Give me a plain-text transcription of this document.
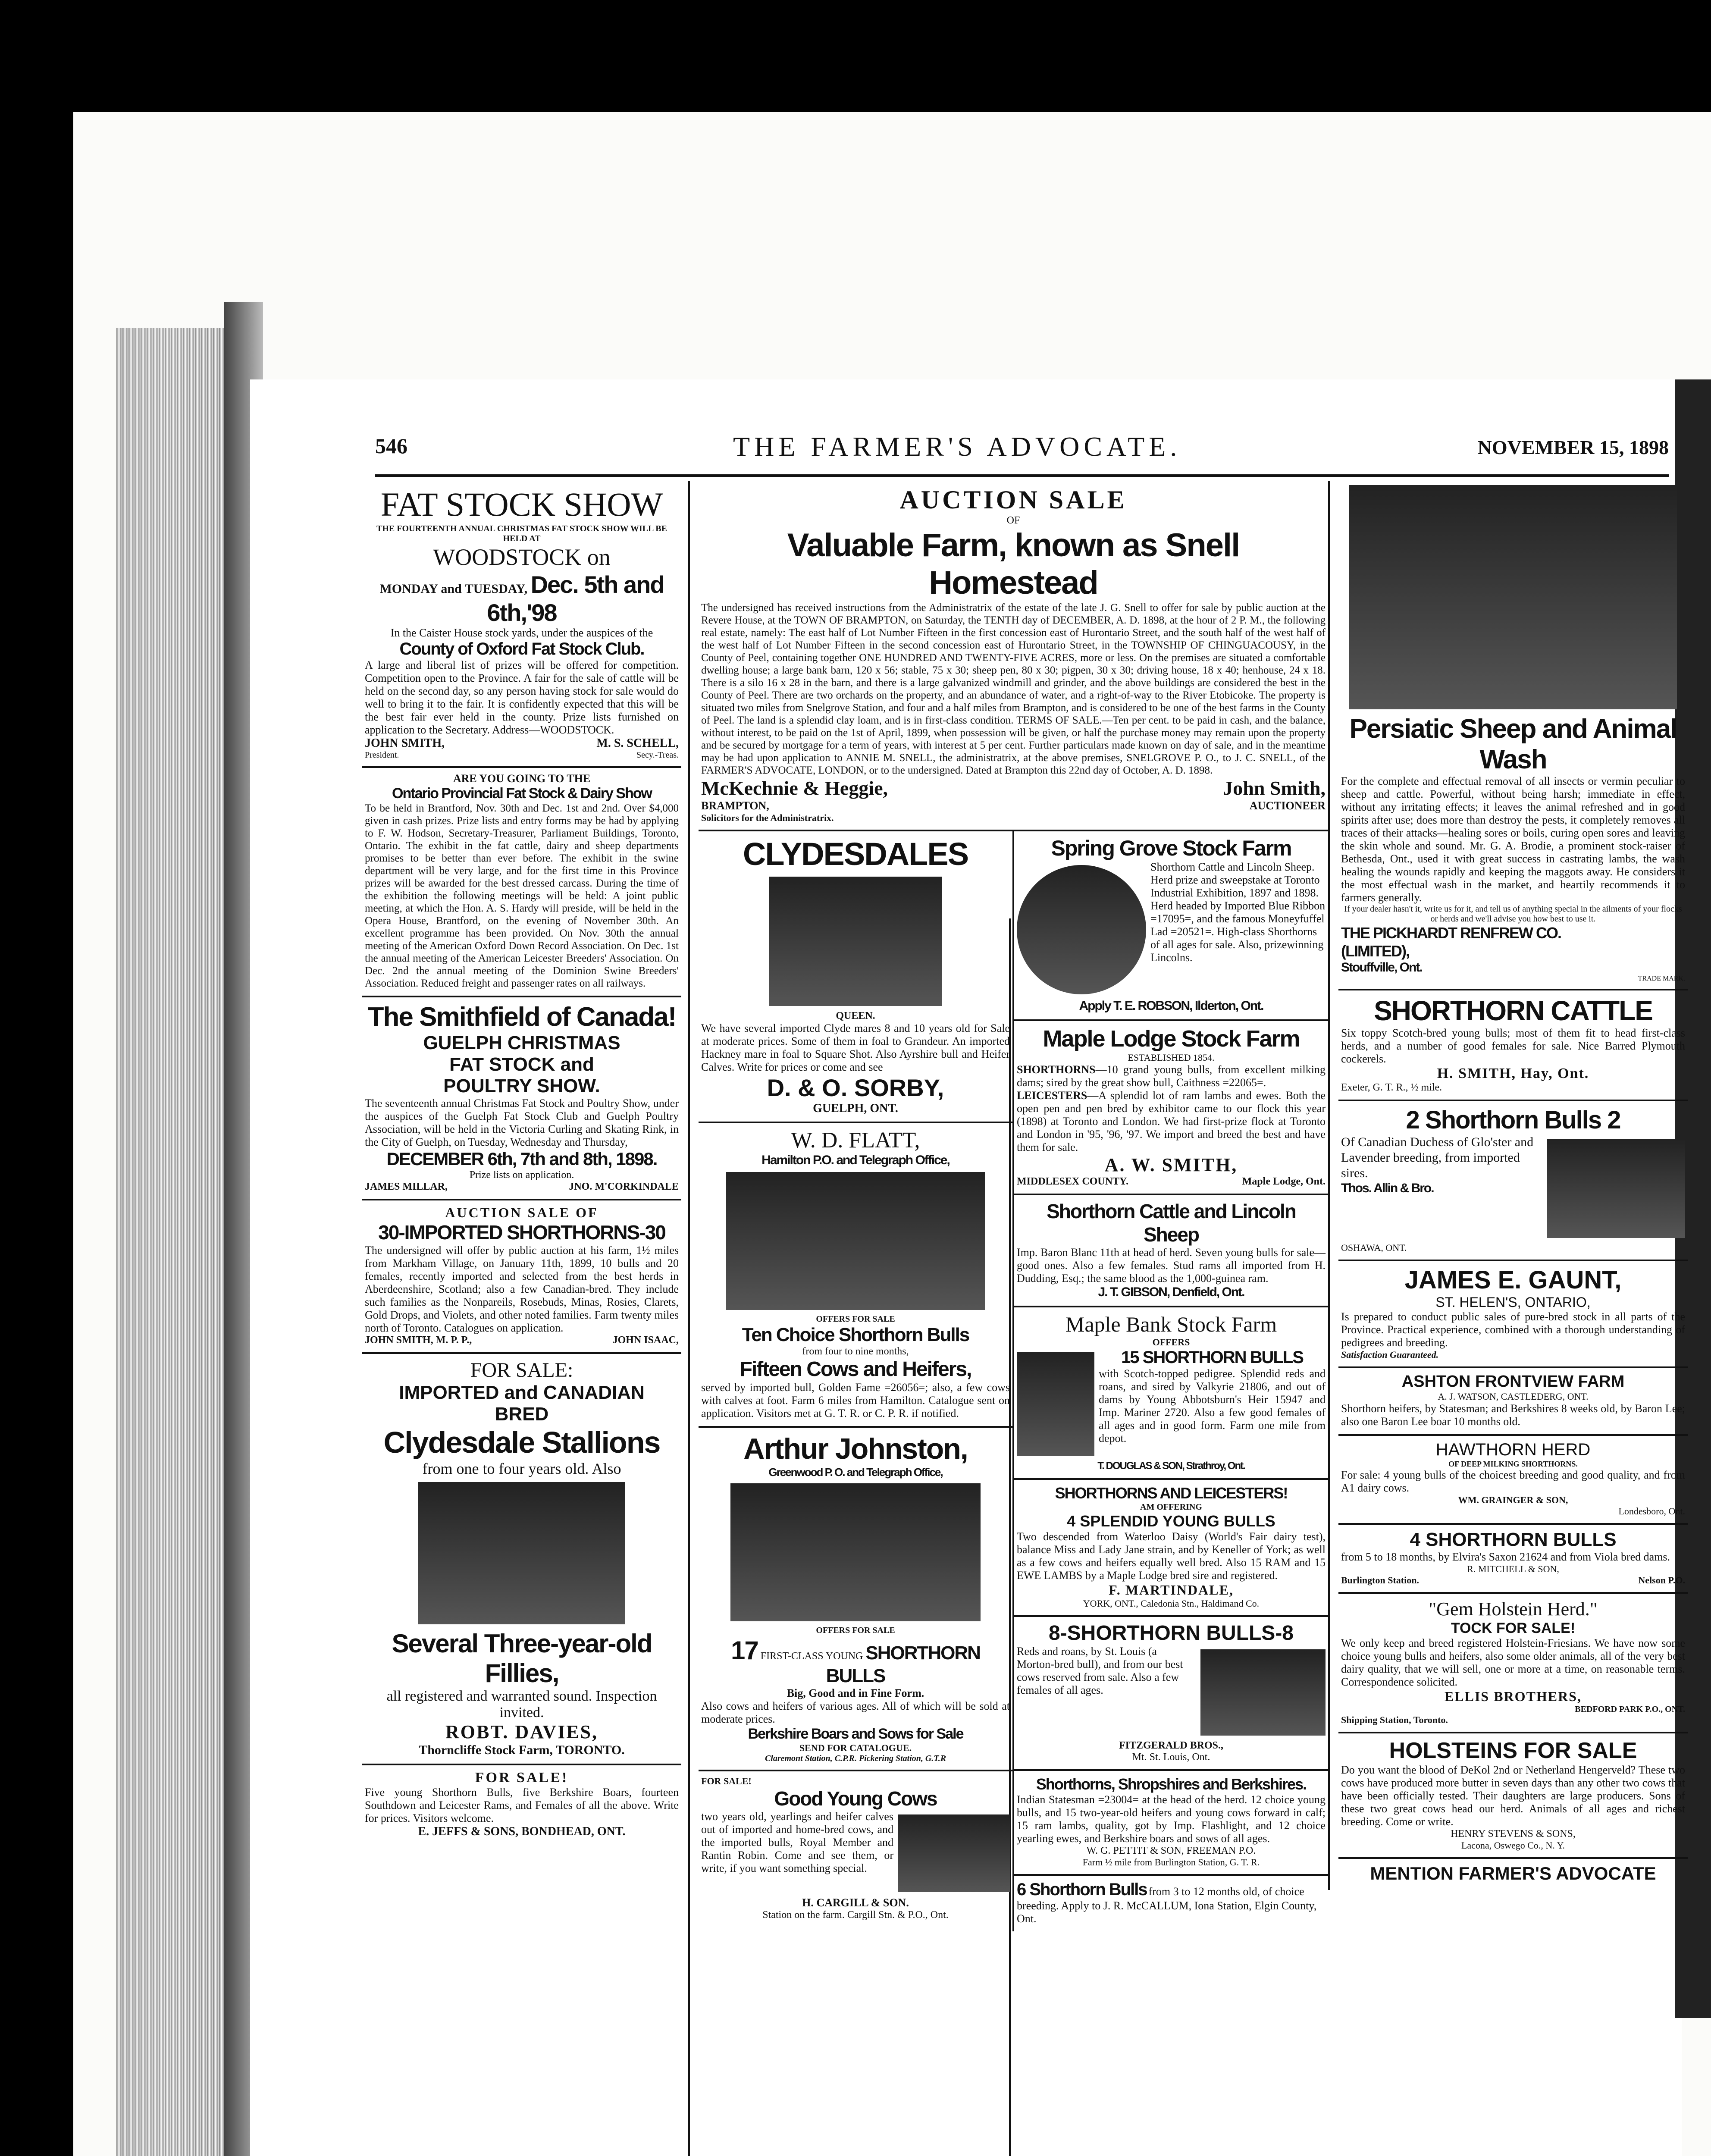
546	THE FARMER'S ADVOCATE.	NOVEMBER 15, 1898
FAT STOCK SHOW
THE FOURTEENTH ANNUAL CHRISTMAS FAT STOCK SHOW WILL BE HELD AT
WOODSTOCK on
MONDAY and TUESDAY, Dec. 5th and 6th,'98
In the Caister House stock yards, under the auspices of the
County of Oxford Fat Stock Club.
A large and liberal list of prizes will be offered for competition. Competition open to the Province. A fair for the sale of cattle will be held on the second day, so any person having stock for sale would do well to bring it to the fair. It is confidently expected that this will be the best fair ever held in the county. Prize lists furnished on application to the Secretary. Address—WOODSTOCK.
JOHN SMITH,	M. S. SCHELL,
President.	Secy.-Treas.
ARE YOU GOING TO THE
Ontario Provincial Fat Stock & Dairy Show
To be held in Brantford, Nov. 30th and Dec. 1st and 2nd. Over $4,000 given in cash prizes. Prize lists and entry forms may be had by applying to F. W. Hodson, Secretary-Treasurer, Parliament Buildings, Toronto, Ontario. The exhibit in the fat cattle, dairy and sheep departments promises to be better than ever before. The exhibit in the swine department will be very large, and for the first time in this Province prizes will be awarded for the best dressed carcass. During the time of the exhibition the following meetings will be held: A joint public meeting, at which the Hon. A. S. Hardy will preside, will be held in the Opera House, Brantford, on the evening of November 30th. An excellent programme has been provided. On Nov. 30th the annual meeting of the American Oxford Down Record Association. On Dec. 1st the annual meeting of the American Leicester Breeders' Association. On Dec. 2nd the annual meeting of the Dominion Swine Breeders' Association. Reduced freight and passenger rates on all railways.
The Smithfield of Canada!
GUELPH CHRISTMAS
FAT STOCK and
POULTRY SHOW.
The seventeenth annual Christmas Fat Stock and Poultry Show, under the auspices of the Guelph Fat Stock Club and Guelph Poultry Association, will be held in the Victoria Curling and Skating Rink, in the City of Guelph, on Tuesday, Wednesday and Thursday,
DECEMBER 6th, 7th and 8th, 1898.
Prize lists on application.
JAMES MILLAR,	JNO. M'CORKINDALE
AUCTION SALE OF
30-IMPORTED SHORTHORNS-30
The undersigned will offer by public auction at his farm, 1½ miles from Markham Village, on January 11th, 1899, 10 bulls and 20 females, recently imported and selected from the best herds in Aberdeenshire, Scotland; also a few Canadian-bred. They include such families as the Nonpareils, Rosebuds, Minas, Rosies, Clarets, Gold Drops, and Violets, and other noted families. Farm twenty miles north of Toronto. Catalogues on application.
JOHN SMITH, M. P. P.,	JOHN ISAAC,
FOR SALE:
IMPORTED and CANADIAN
BRED
Clydesdale Stallions
from one to four years old. Also
Several Three-year-old Fillies,
all registered and warranted sound. Inspection invited.
ROBT. DAVIES,
Thorncliffe Stock Farm, TORONTO.
FOR SALE!
Five young Shorthorn Bulls, five Berkshire Boars, fourteen Southdown and Leicester Rams, and Females of all the above. Write for prices. Visitors welcome.
E. JEFFS & SONS, BONDHEAD, ONT.
AUCTION SALE
OF
Valuable Farm, known as Snell Homestead
The undersigned has received instructions from the Administratrix of the estate of the late J. G. Snell to offer for sale by public auction at the Revere House, at the TOWN OF BRAMPTON, on Saturday, the TENTH day of DECEMBER, A. D. 1898, at the hour of 2 P. M., the following real estate, namely: The east half of Lot Number Fifteen in the first concession east of Hurontario Street, and the south half of the west half of the west half of Lot Number Fifteen in the second concession east of Hurontario Street, in the TOWNSHIP OF CHINGUACOUSY, in the County of Peel, containing together ONE HUNDRED AND TWENTY-FIVE ACRES, more or less. On the premises are situated a comfortable dwelling house; a large bank barn, 120 x 56; stable, 75 x 30; sheep pen, 80 x 30; pigpen, 30 x 30; driving house, 18 x 40; henhouse, 24 x 18. There is a silo 16 x 28 in the barn, and there is a large galvanized windmill and grinder, and the above buildings are considered the best in the County of Peel. There are two orchards on the property, and an abundance of water, and a right-of-way to the River Etobicoke. The property is situated two miles from Snelgrove Station, and four and a half miles from Brampton, and is considered to be one of the best farms in the County of Peel. The land is a splendid clay loam, and is in first-class condition. TERMS OF SALE.—Ten per cent. to be paid in cash, and the balance, without interest, to be paid on the 1st of April, 1899, when possession will be given, or half the purchase money may remain upon the property and be secured by mortgage for a term of years, with interest at 5 per cent. Further particulars made known on day of sale, and in the meantime may be had upon application to ANNIE M. SNELL, the administratrix, at the above premises, SNELGROVE P. O., to J. C. SNELL, of the FARMER'S ADVOCATE, LONDON, or to the undersigned. Dated at Brampton this 22nd day of October, A. D. 1898.
McKechnie & Heggie,	John Smith,
BRAMPTON,	AUCTIONEER
Solicitors for the Administratrix.
CLYDESDALES
QUEEN.
We have several imported Clyde mares 8 and 10 years old for Sale at moderate prices. Some of them in foal to Grandeur. An imported Hackney mare in foal to Square Shot. Also Ayrshire bull and Heifer Calves. Write for prices or come and see
D. & O. SORBY,
GUELPH, ONT.
W. D. FLATT,
Hamilton P.O. and Telegraph Office,
OFFERS FOR SALE
Ten Choice Shorthorn Bulls
from four to nine months,
Fifteen Cows and Heifers,
served by imported bull, Golden Fame =26056=; also, a few cows with calves at foot. Farm 6 miles from Hamilton. Catalogue sent on application. Visitors met at G. T. R. or C. P. R. if notified.
Arthur Johnston,
Greenwood P. O. and Telegraph Office,
OFFERS FOR SALE
17 FIRST-CLASS YOUNG SHORTHORN BULLS
Big, Good and in Fine Form.
Also cows and heifers of various ages. All of which will be sold at moderate prices.
Berkshire Boars and Sows for Sale
SEND FOR CATALOGUE.
Claremont Station, C.P.R. Pickering Station, G.T.R
FOR SALE!
Good Young Cows
two years old, yearlings and heifer calves out of imported and home-bred cows, and the imported bulls, Royal Member and Rantin Robin. Come and see them, or write, if you want something special.
H. CARGILL & SON.
Station on the farm. Cargill Stn. & P.O., Ont.
Spring Grove Stock Farm
Shorthorn Cattle and Lincoln Sheep. Herd prize and sweepstake at Toronto Industrial Exhibition, 1897 and 1898. Herd headed by Imported Blue Ribbon =17095=, and the famous Moneyfuffel Lad =20521=. High-class Shorthorns of all ages for sale. Also, prizewinning Lincolns.
Apply T. E. ROBSON, Ilderton, Ont.
Maple Lodge Stock Farm
ESTABLISHED 1854.
SHORTHORNS—10 grand young bulls, from excellent milking dams; sired by the great show bull, Caithness =22065=.
LEICESTERS—A splendid lot of ram lambs and ewes. Both the open pen and pen bred by exhibitor came to our flock this year (1898) at Toronto and London. We had first-prize flock at Toronto and London in '95, '96, '97. We import and breed the best and have them for sale.
A. W. SMITH,
MIDDLESEX COUNTY.	Maple Lodge, Ont.
Shorthorn Cattle and Lincoln Sheep
Imp. Baron Blanc 11th at head of herd. Seven young bulls for sale—good ones. Also a few females. Stud rams all imported from H. Dudding, Esq.; the same blood as the 1,000-guinea ram.
J. T. GIBSON, Denfield, Ont.
Maple Bank Stock Farm
OFFERS
15 SHORTHORN BULLS
with Scotch-topped pedigree. Splendid reds and roans, and sired by Valkyrie 21806, and out of dams by Young Abbotsburn's Heir 15947 and Imp. Mariner 2720. Also a few good females of all ages and in good form. Farm one mile from depot.
T. DOUGLAS & SON, Strathroy, Ont.
SHORTHORNS AND LEICESTERS!
AM OFFERING
4 SPLENDID YOUNG BULLS
Two descended from Waterloo Daisy (World's Fair dairy test), balance Miss and Lady Jane strain, and by Keneller of York; as well as a few cows and heifers equally well bred. Also 15 RAM and 15 EWE LAMBS by a Maple Lodge bred sire and registered.
F. MARTINDALE,
YORK, ONT., Caledonia Stn., Haldimand Co.
8-SHORTHORN BULLS-8
Reds and roans, by St. Louis (a Morton-bred bull), and from our best cows reserved from sale. Also a few females of all ages.
FITZGERALD BROS.,
Mt. St. Louis, Ont.
Shorthorns, Shropshires and Berkshires.
Indian Statesman =23004= at the head of the herd. 12 choice young bulls, and 15 two-year-old heifers and young cows forward in calf; 15 ram lambs, quality, got by Imp. Flashlight, and 12 choice yearling ewes, and Berkshire boars and sows of all ages.
W. G. PETTIT & SON, FREEMAN P.O.
Farm ½ mile from Burlington Station, G. T. R.
6 Shorthorn Bulls from 3 to 12 months old, of choice breeding. Apply to J. R. McCALLUM, Iona Station, Elgin County, Ont.
Persiatic Sheep and Animal Wash
For the complete and effectual removal of all insects or vermin peculiar to sheep and cattle. Powerful, without being harsh; immediate in effect, without any irritating effects; it leaves the animal refreshed and in good spirits after use; does more than destroy the pests, it completely removes all traces of their attacks—healing sores or boils, curing open sores and leaving the skin whole and sound. Mr. G. A. Brodie, a prominent stock-raiser of Bethesda, Ont., used it with great success in castrating lambs, the wash healing the wounds rapidly and keeping the maggots away. He considers it the most effectual wash in the market, and heartily recommends it to farmers generally.
If your dealer hasn't it, write us for it, and tell us of anything special in the ailments of your flocks or herds and we'll advise you how best to use it.
THE PICKHARDT RENFREW CO. (LIMITED),
Stouffville, Ont.
TRADE MARK.
SHORTHORN CATTLE
Six toppy Scotch-bred young bulls; most of them fit to head first-class herds, and a number of good females for sale. Nice Barred Plymouth cockerels.
H. SMITH, Hay, Ont.
Exeter, G. T. R., ½ mile.
2 Shorthorn Bulls 2
Of Canadian Duchess of Glo'ster and Lavender breeding, from imported sires.
Thos. Allin & Bro.
OSHAWA, ONT.
JAMES E. GAUNT,
ST. HELEN'S, ONTARIO,
Is prepared to conduct public sales of pure-bred stock in all parts of the Province. Practical experience, combined with a thorough understanding of pedigrees and breeding.
Satisfaction Guaranteed.
ASHTON FRONTVIEW FARM
A. J. WATSON, CASTLEDERG, ONT.
Shorthorn heifers, by Statesman; and Berkshires 8 weeks old, by Baron Lee; also one Baron Lee boar 10 months old.
HAWTHORN HERD
OF DEEP MILKING SHORTHORNS.
For sale: 4 young bulls of the choicest breeding and good quality, and from A1 dairy cows.
WM. GRAINGER & SON,
Londesboro, Ont.
4 SHORTHORN BULLS
from 5 to 18 months, by Elvira's Saxon 21624 and from Viola bred dams.
R. MITCHELL & SON,
Burlington Station.	Nelson P.O.
"Gem Holstein Herd."
TOCK FOR SALE!
We only keep and breed registered Holstein-Friesians. We have now some choice young bulls and heifers, also some older animals, all of the very best dairy quality, that we will sell, one or more at a time, on reasonable terms. Correspondence solicited.
ELLIS BROTHERS,
BEDFORD PARK P.O., ONT.
Shipping Station, Toronto.
HOLSTEINS FOR SALE
Do you want the blood of DeKol 2nd or Netherland Hengerveld? These two cows have produced more butter in seven days than any other two cows that have been officially tested. Their daughters are large producers. Sons of these two great cows head our herd. Animals of all ages and richest breeding. Come or write.
HENRY STEVENS & SONS,
Lacona, Oswego Co., N. Y.
MENTION FARMER'S ADVOCATE
